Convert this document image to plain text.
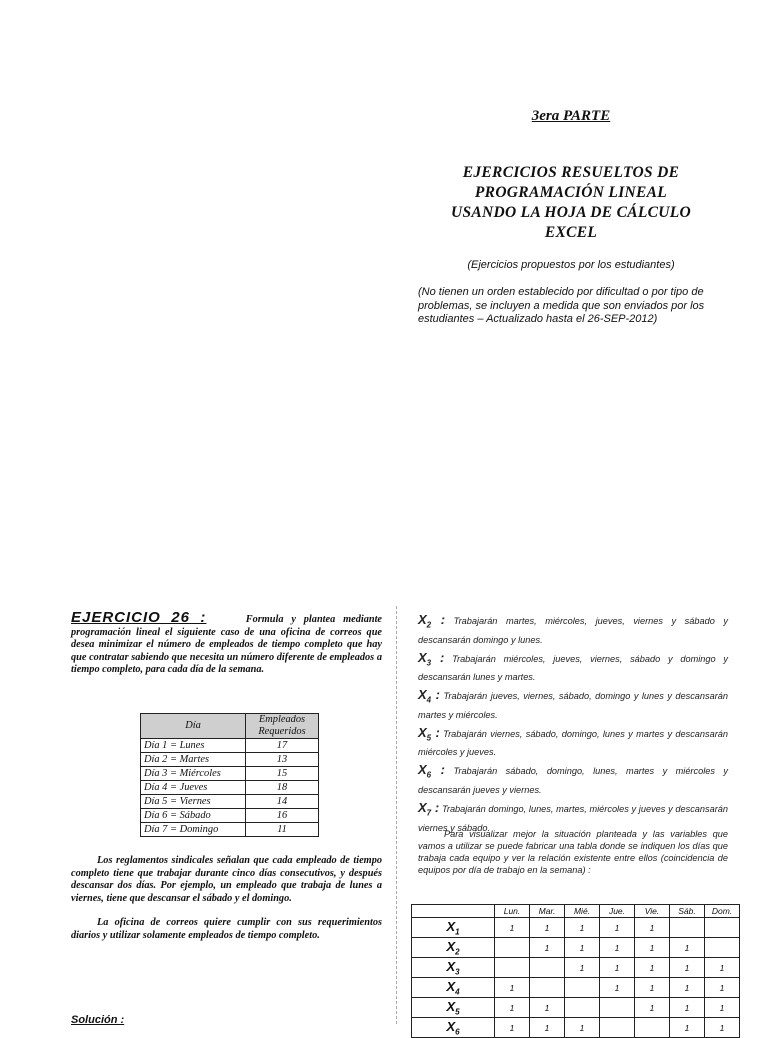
3era PARTE
EJERCICIOS RESUELTOS DE
PROGRAMACIÓN LINEAL
USANDO LA HOJA DE CÁLCULO
EXCEL
(Ejercicios propuestos por los estudiantes)
(No tienen un orden establecido por dificultad o por tipo de problemas, se incluyen a medida que son enviados por los estudiantes – Actualizado hasta el 26-SEP-2012)

EJERCICIO 26 :	Formula y plantea mediante programación lineal el siguiente caso de una oficina de correos que desea minimizar el número de empleados de tiempo completo que hay que contratar sabiendo que necesita un número diferente de empleados a tiempo completo, para cada día de la semana.

Día	Empleados
Requeridos

Día 1 = Lunes	17
Día 2 = Martes	13
Día 3 = Miércoles	15
Día 4 = Jueves	18
Día 5 = Viernes	14
Día 6 = Sábado	16
Día 7 = Domingo	11

Los reglamentos sindicales señalan que cada empleado de tiempo completo tiene que trabajar durante cinco días consecutivos, y después descansar dos días. Por ejemplo, un empleado que trabaja de lunes a viernes, tiene que descansar el sábado y el domingo.

La oficina de correos quiere cumplir con sus requerimientos diarios y utilizar solamente empleados de tiempo completo.

Solución :

$X_2$ : Trabajarán martes, miércoles, jueves, viernes y sábado y descansarán domingo y lunes.

$X_3$ : Trabajarán miércoles, jueves, viernes, sábado y domingo y descansarán lunes y martes.

$X_4$ : Trabajarán jueves, viernes, sábado, domingo y lunes y descansarán martes y miércoles.

$X_5$ : Trabajarán viernes, sábado, domingo, lunes y martes y descansarán miércoles y jueves.

$X_6$ : Trabajarán sábado, domingo, lunes, martes y miércoles y descansarán jueves y viernes.

$X_7$ : Trabajarán domingo, lunes, martes, miércoles y jueves y descansarán viernes y sábado.

Para visualizar mejor la situación planteada y las variables que vamos a utilizar se puede fabricar una tabla donde se indiquen los días que trabaja cada equipo y ver la relación existente entre ellos (coincidencia de equipos por día de trabajo en la semana) :
	Lun.	Mar.	Mié.	Jue.	Vie.	Sáb.	Dom.
$X_1$	1	1	1	1	1		
$X_2$		1	1	1	1	1	
$X_3$			1	1	1	1	1
$X_4$	1			1	1	1	1
$X_5$	1	1			1	1	1
$X_6$	1	1	1			1	1
